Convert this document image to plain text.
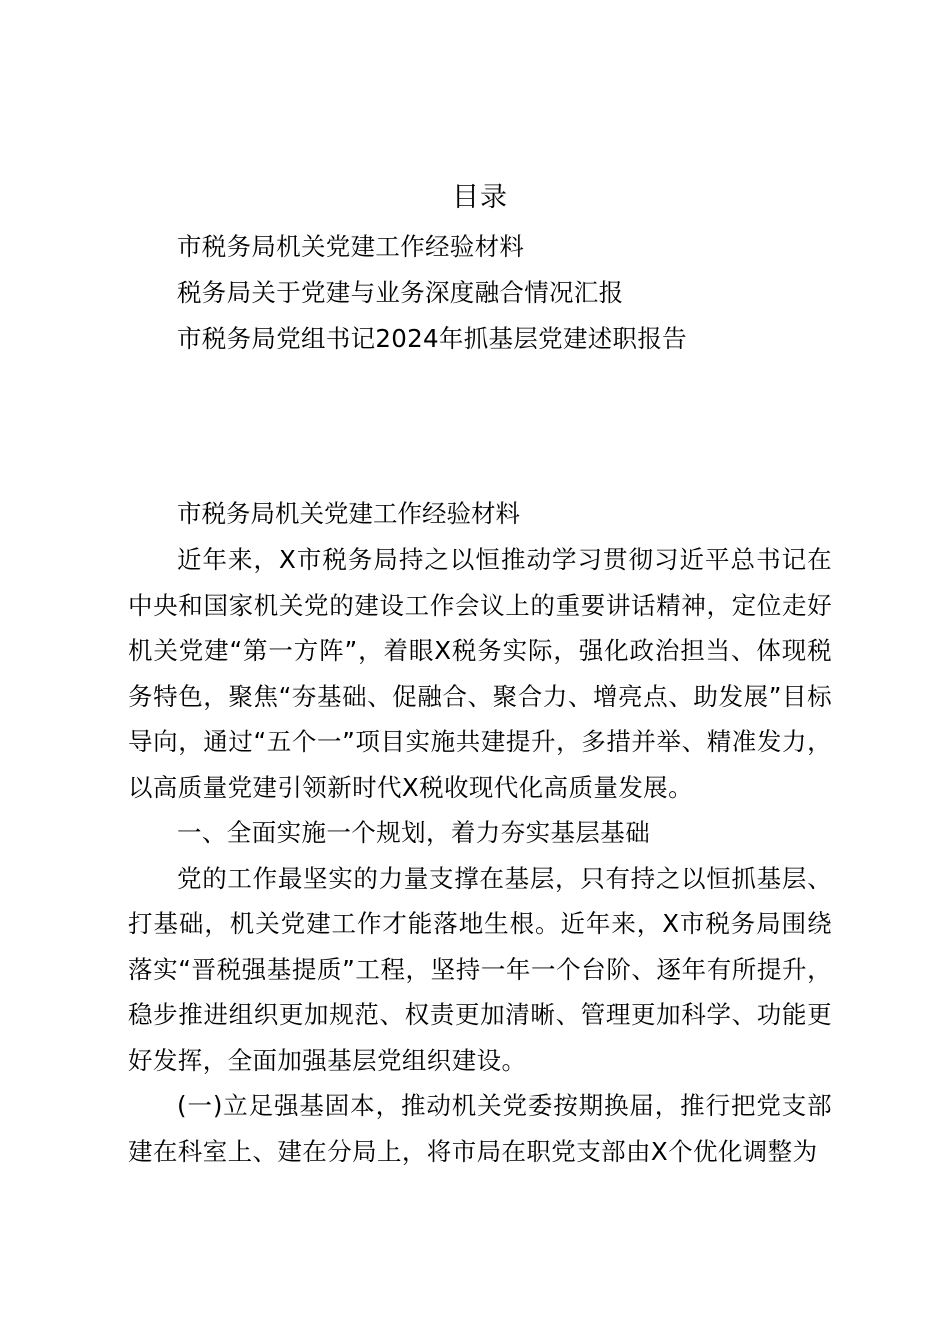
目录
市税务局机关党建工作经验材料
税务局关于党建与业务深度融合情况汇报
市税务局党组书记2024年抓基层党建述职报告
市税务局机关党建工作经验材料

近年来，X市税务局持之以恒推动学习贯彻习近平总书记在中央和国家机关党的建设工作会议上的重要讲话精神，定位走好机关党建“第一方阵”，着眼X税务实际，强化政治担当、体现税务特色，聚焦“夯基础、促融合、聚合力、增亮点、助发展”目标导向，通过“五个一”项目实施共建提升，多措并举、精准发力，以高质量党建引领新时代X税收现代化高质量发展。

一、全面实施一个规划，着力夯实基层基础

党的工作最坚实的力量支撑在基层，只有持之以恒抓基层、打基础，机关党建工作才能落地生根。近年来，X市税务局围绕落实“晋税强基提质”工程，坚持一年一个台阶、逐年有所提升，稳步推进组织更加规范、权责更加清晰、管理更加科学、功能更好发挥，全面加强基层党组织建设。

(一)立足强基固本，推动机关党委按期换届，推行把党支部建在科室上、建在分局上，将市局在职党支部由X个优化调整为
